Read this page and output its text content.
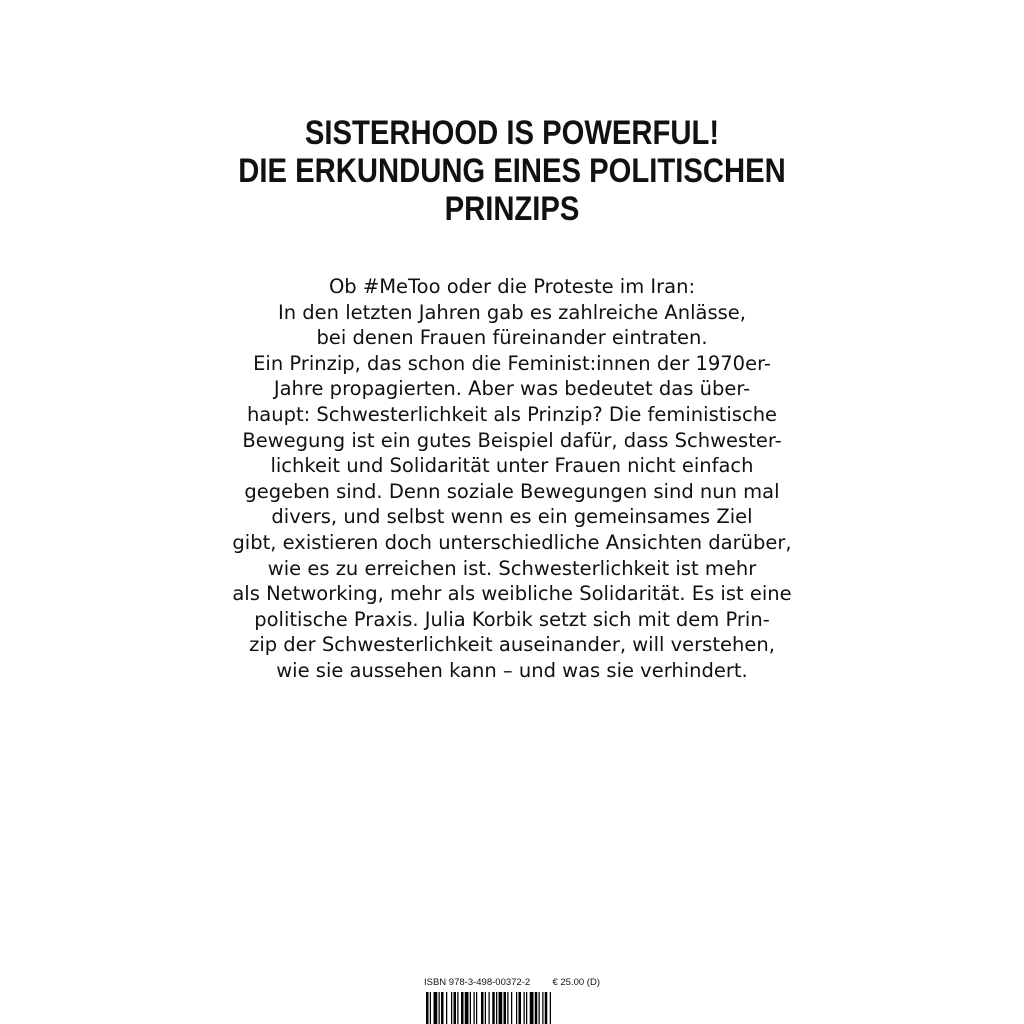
SISTERHOOD IS POWERFUL!
DIE ERKUNDUNG EINES POLITISCHEN
PRINZIPS
Ob #MeToo oder die Proteste im Iran:
In den letzten Jahren gab es zahlreiche Anlässe,
bei denen Frauen füreinander eintraten.
Ein Prinzip, das schon die Feminist:innen der 1970er-
Jahre propagierten. Aber was bedeutet das über-
haupt: Schwesterlichkeit als Prinzip? Die feministische
Bewegung ist ein gutes Beispiel dafür, dass Schwester-
lichkeit und Solidarität unter Frauen nicht einfach
gegeben sind. Denn soziale Bewegungen sind nun mal
divers, und selbst wenn es ein gemeinsames Ziel
gibt, existieren doch unterschiedliche Ansichten darüber,
wie es zu erreichen ist. Schwesterlichkeit ist mehr
als Networking, mehr als weibliche Solidarität. Es ist eine
politische Praxis. Julia Korbik setzt sich mit dem Prin-
zip der Schwesterlichkeit auseinander, will verstehen,
wie sie aussehen kann – und was sie verhindert.
ISBN 978-3-498-00372-2 € 25.00 (D)
